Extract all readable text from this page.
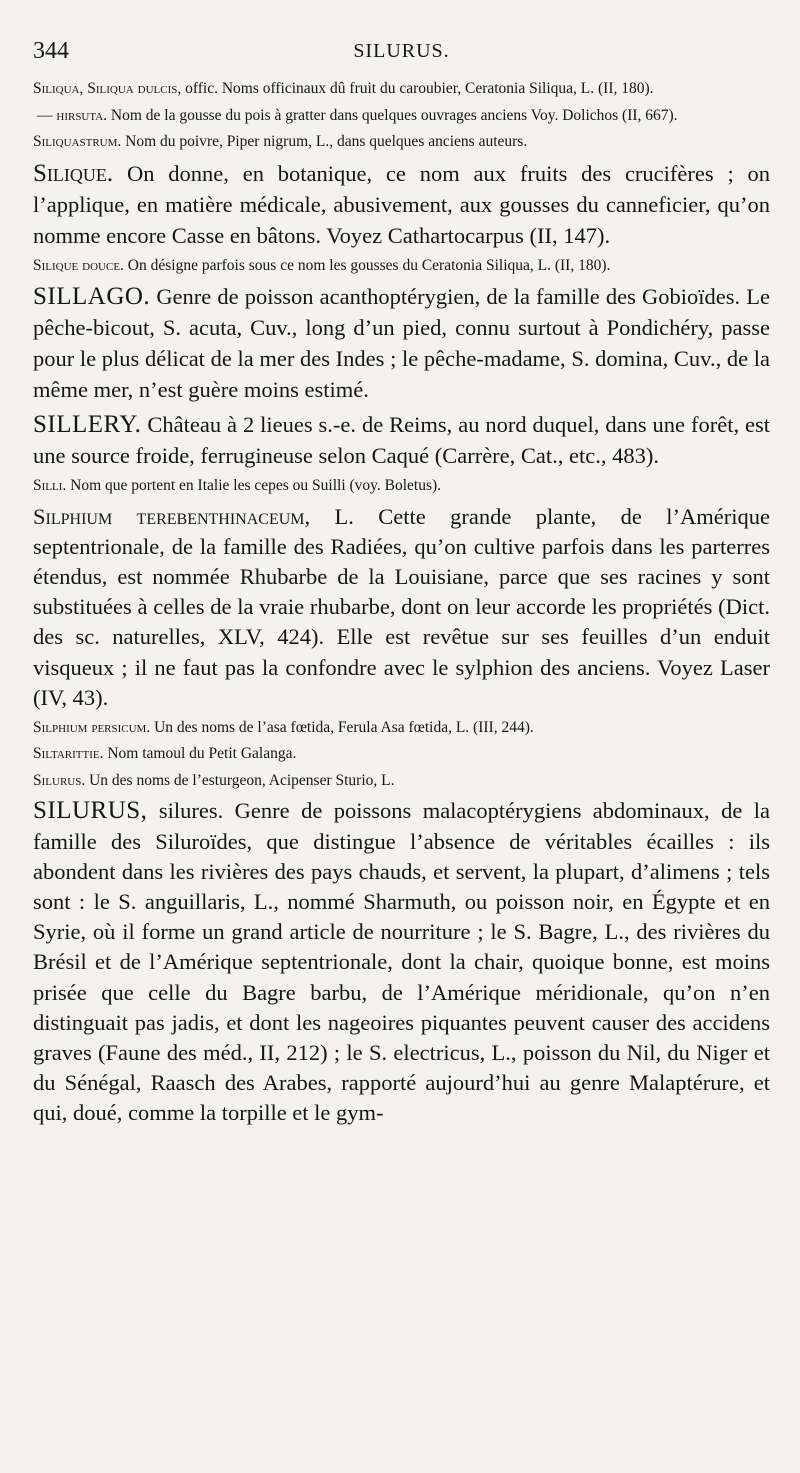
344	SILURUS.

Siliqua, Siliqua dulcis, offic. Noms officinaux dû fruit du caroubier, Ceratonia Siliqua, L. (II, 180).

— hirsuta. Nom de la gousse du pois à gratter dans quelques ouvrages anciens Voy. Dolichos (II, 667).

Siliquastrum. Nom du poivre, Piper nigrum, L., dans quelques anciens auteurs.

Silique. On donne, en botanique, ce nom aux fruits des crucifères ; on l’applique, en matière médicale, abusivement, aux gousses du canneficier, qu’on nomme encore Casse en bâtons. Voyez Cathartocarpus (II, 147).

Silique douce. On désigne parfois sous ce nom les gousses du Ceratonia Siliqua, L. (II, 180).

SILLAGO. Genre de poisson acanthoptérygien, de la famille des Gobioïdes. Le pêche-bicout, S. acuta, Cuv., long d’un pied, connu surtout à Pondichéry, passe pour le plus délicat de la mer des Indes ; le pêche-madame, S. domina, Cuv., de la même mer, n’est guère moins estimé.

SILLERY. Château à 2 lieues s.-e. de Reims, au nord duquel, dans une forêt, est une source froide, ferrugineuse selon Caqué (Carrère, Cat., etc., 483).

Silli. Nom que portent en Italie les cepes ou Suilli (voy. Boletus).

Silphium terebenthinaceum, L. Cette grande plante, de l’Amérique septentrionale, de la famille des Radiées, qu’on cultive parfois dans les parterres étendus, est nommée Rhubarbe de la Louisiane, parce que ses racines y sont substituées à celles de la vraie rhubarbe, dont on leur accorde les propriétés (Dict. des sc. naturelles, XLV, 424). Elle est revêtue sur ses feuilles d’un enduit visqueux ; il ne faut pas la confondre avec le sylphion des anciens. Voyez Laser (IV, 43).

Silphium persicum. Un des noms de l’asa fœtida, Ferula Asa fœtida, L. (III, 244).

Siltarittie. Nom tamoul du Petit Galanga.

Silurus. Un des noms de l’esturgeon, Acipenser Sturio, L.

SILURUS, silures. Genre de poissons malacoptérygiens abdominaux, de la famille des Siluroïdes, que distingue l’absence de véritables écailles : ils abondent dans les rivières des pays chauds, et servent, la plupart, d’alimens ; tels sont : le S. anguillaris, L., nommé Sharmuth, ou poisson noir, en Égypte et en Syrie, où il forme un grand article de nourriture ; le S. Bagre, L., des rivières du Brésil et de l’Amérique septentrionale, dont la chair, quoique bonne, est moins prisée que celle du Bagre barbu, de l’Amérique méridionale, qu’on n’en distinguait pas jadis, et dont les nageoires piquantes peuvent causer des accidens graves (Faune des méd., II, 212) ; le S. electricus, L., poisson du Nil, du Niger et du Sénégal, Raasch des Arabes, rapporté aujourd’hui au genre Malaptérure, et qui, doué, comme la torpille et le gym-
